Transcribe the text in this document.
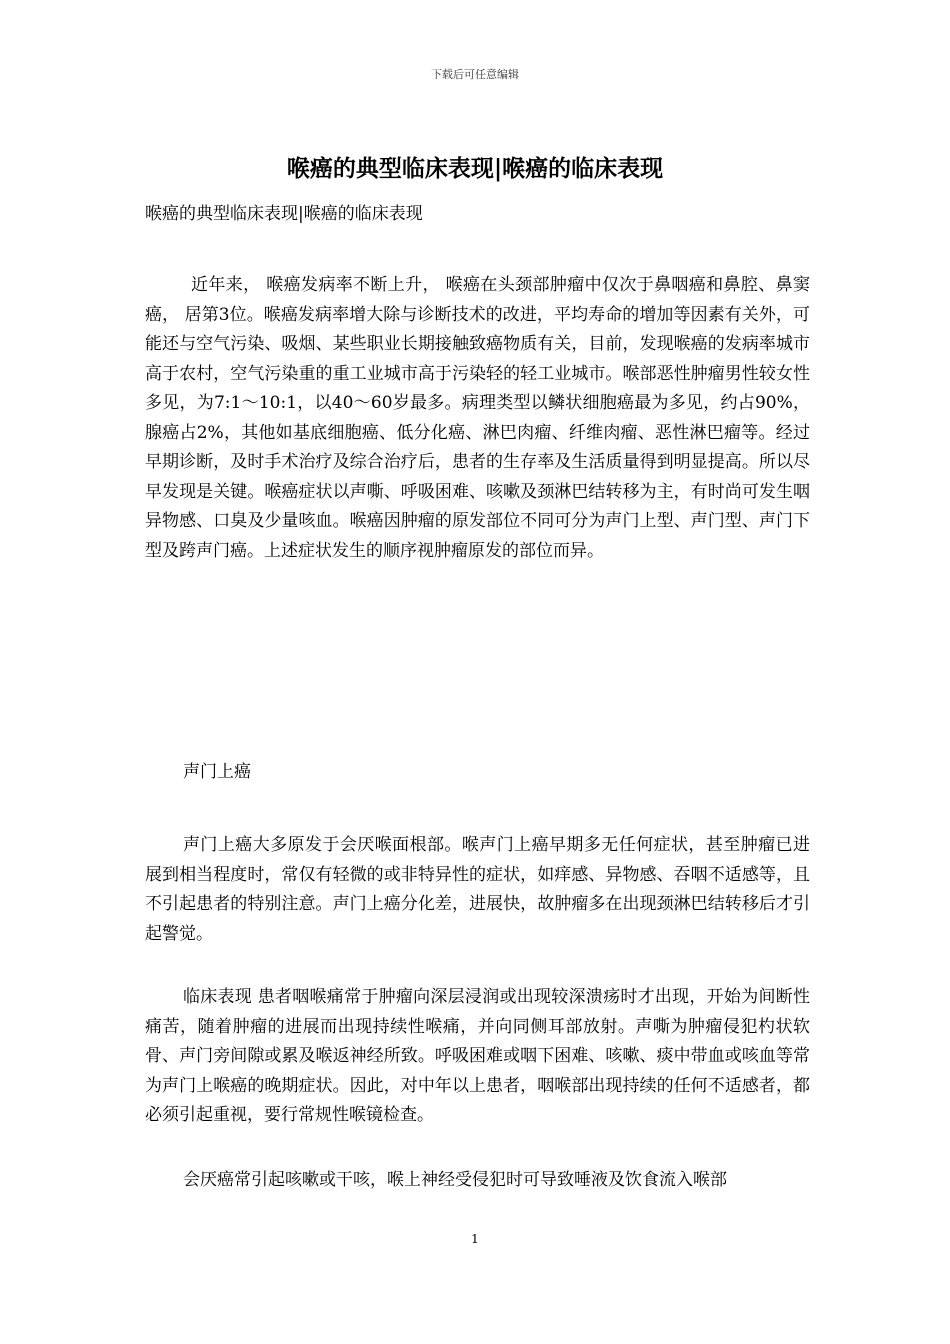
下载后可任意编辑
喉癌的典型临床表现|喉癌的临床表现
喉癌的典型临床表现|喉癌的临床表现

近年来， 喉癌发病率不断上升， 喉癌在头颈部肿瘤中仅次于鼻咽癌和鼻腔、鼻窦癌， 居第3位。喉癌发病率增大除与诊断技术的改进，平均寿命的增加等因素有关外，可能还与空气污染、吸烟、某些职业长期接触致癌物质有关，目前，发现喉癌的发病率城市高于农村，空气污染重的重工业城市高于污染轻的轻工业城市。喉部恶性肿瘤男性较女性多见，为7:1～10:1，以40～60岁最多。病理类型以鳞状细胞癌最为多见，约占90%，腺癌占2%，其他如基底细胞癌、低分化癌、淋巴肉瘤、纤维肉瘤、恶性淋巴瘤等。经过早期诊断，及时手术治疗及综合治疗后，患者的生存率及生活质量得到明显提高。所以尽早发现是关键。喉癌症状以声嘶、呼吸困难、咳嗽及颈淋巴结转移为主，有时尚可发生咽异物感、口臭及少量咳血。喉癌因肿瘤的原发部位不同可分为声门上型、声门型、声门下型及跨声门癌。上述症状发生的顺序视肿瘤原发的部位而异。

声门上癌

声门上癌大多原发于会厌喉面根部。喉声门上癌早期多无任何症状，甚至肿瘤已进展到相当程度时，常仅有轻微的或非特异性的症状，如痒感、异物感、吞咽不适感等，且不引起患者的特别注意。声门上癌分化差，进展快，故肿瘤多在出现颈淋巴结转移后才引起警觉。

临床表现 患者咽喉痛常于肿瘤向深层浸润或出现较深溃疡时才出现，开始为间断性痛苦，随着肿瘤的进展而出现持续性喉痛，并向同侧耳部放射。声嘶为肿瘤侵犯杓状软骨、声门旁间隙或累及喉返神经所致。呼吸困难或咽下困难、咳嗽、痰中带血或咳血等常为声门上喉癌的晚期症状。因此，对中年以上患者，咽喉部出现持续的任何不适感者，都必须引起重视，要行常规性喉镜检查。

会厌癌常引起咳嗽或干咳，喉上神经受侵犯时可导致唾液及饮食流入喉部

1
